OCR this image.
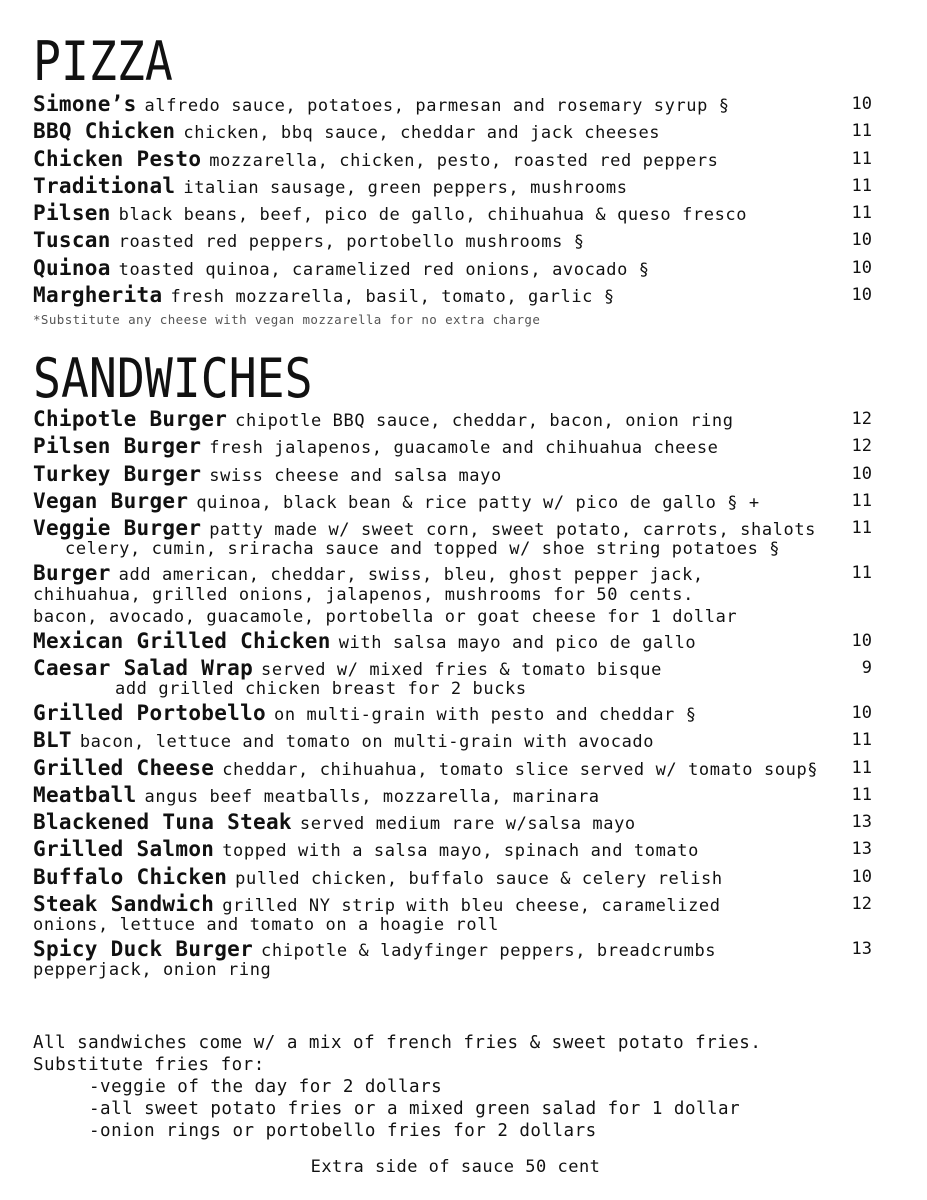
PIZZA
Simone’s alfredo sauce, potatoes, parmesan and rosemary syrup §	10
BBQ Chicken chicken, bbq sauce, cheddar and jack cheeses	11
Chicken Pesto mozzarella, chicken, pesto, roasted red peppers	11
Traditional italian sausage, green peppers, mushrooms	11
Pilsen black beans, beef, pico de gallo, chihuahua & queso fresco	11
Tuscan roasted red peppers, portobello mushrooms §	10
Quinoa toasted quinoa, caramelized red onions, avocado §	10
Margherita fresh mozzarella, basil, tomato, garlic §	10
*Substitute any cheese with vegan mozzarella for no extra charge
SANDWICHES
Chipotle Burger chipotle BBQ sauce, cheddar, bacon, onion ring	12
Pilsen Burger fresh jalapenos, guacamole and chihuahua cheese	12
Turkey Burger swiss cheese and salsa mayo	10
Vegan Burger quinoa, black bean & rice patty w/ pico de gallo § +	11
Veggie Burger patty made w/ sweet corn, sweet potato, carrots, shalots 11
celery, cumin, sriracha sauce and topped w/ shoe string potatoes §
Burger add american, cheddar, swiss, bleu, ghost pepper jack,	11
chihuahua, grilled onions, jalapenos, mushrooms for 50 cents.
bacon, avocado, guacamole, portobella or goat cheese for 1 dollar
Mexican Grilled Chicken with salsa mayo and pico de gallo	10
Caesar Salad Wrap served w/ mixed fries & tomato bisque	9
add grilled chicken breast for 2 bucks
Grilled Portobello on multi-grain with pesto and cheddar §	10
BLT bacon, lettuce and tomato on multi-grain with avocado	11
Grilled Cheese cheddar, chihuahua, tomato slice served w/ tomato soup§ 11
Meatball angus beef meatballs, mozzarella, marinara	11
Blackened Tuna Steak served medium rare w/salsa mayo	13
Grilled Salmon topped with a salsa mayo, spinach and tomato	13
Buffalo Chicken pulled chicken, buffalo sauce & celery relish	10
Steak Sandwich grilled NY strip with bleu cheese, caramelized	12
onions, lettuce and tomato on a hoagie roll
Spicy Duck Burger chipotle & ladyfinger peppers, breadcrumbs	13
pepperjack, onion ring
All sandwiches come w/ a mix of french fries & sweet potato fries.
Substitute fries for:
-veggie of the day for 2 dollars
-all sweet potato fries or a mixed green salad for 1 dollar
-onion rings or portobello fries for 2 dollars
Extra side of sauce 50 cent
